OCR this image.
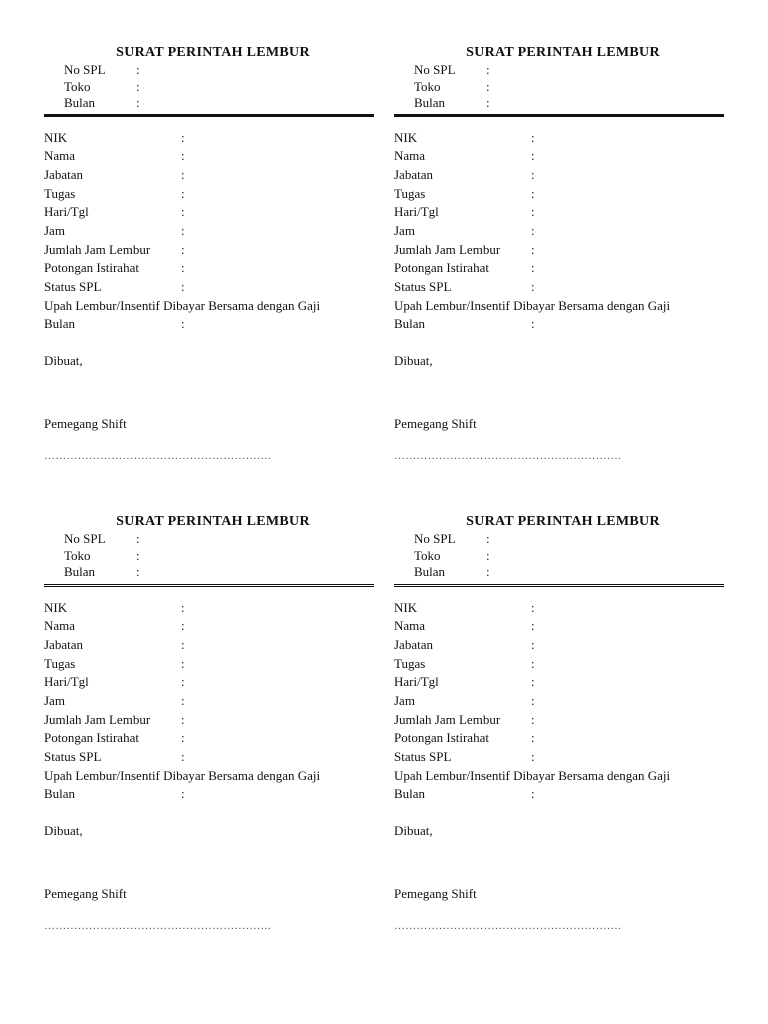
SURAT PERINTAH LEMBUR
No SPL :
Toko	:
Bulan	:
NIK	:
Nama	:
Jabatan	:
Tugas	:
Hari/Tgl	:
Jam	:
Jumlah Jam Lembur :
Potongan Istirahat	:
Status SPL	:
Upah Lembur/Insentif Dibayar Bersama dengan Gaji
Bulan	:
Dibuat,
Pemegang Shift
…………………………………………………….
SURAT PERINTAH LEMBUR
No SPL :
Toko	:
Bulan	:
NIK	:
Nama	:
Jabatan	:
Tugas	:
Hari/Tgl	:
Jam	:
Jumlah Jam Lembur :
Potongan Istirahat	:
Status SPL	:
Upah Lembur/Insentif Dibayar Bersama dengan Gaji
Bulan	:
Dibuat,
Pemegang Shift
…………………………………………………….
SURAT PERINTAH LEMBUR
No SPL :
Toko	:
Bulan	:
NIK	:
Nama	:
Jabatan	:
Tugas	:
Hari/Tgl	:
Jam	:
Jumlah Jam Lembur :
Potongan Istirahat	:
Status SPL	:
Upah Lembur/Insentif Dibayar Bersama dengan Gaji
Bulan	:
Dibuat,
Pemegang Shift
…………………………………………………….
SURAT PERINTAH LEMBUR
No SPL :
Toko	:
Bulan	:
NIK	:
Nama	:
Jabatan	:
Tugas	:
Hari/Tgl	:
Jam	:
Jumlah Jam Lembur :
Potongan Istirahat	:
Status SPL	:
Upah Lembur/Insentif Dibayar Bersama dengan Gaji
Bulan	:
Dibuat,
Pemegang Shift
…………………………………………………….
